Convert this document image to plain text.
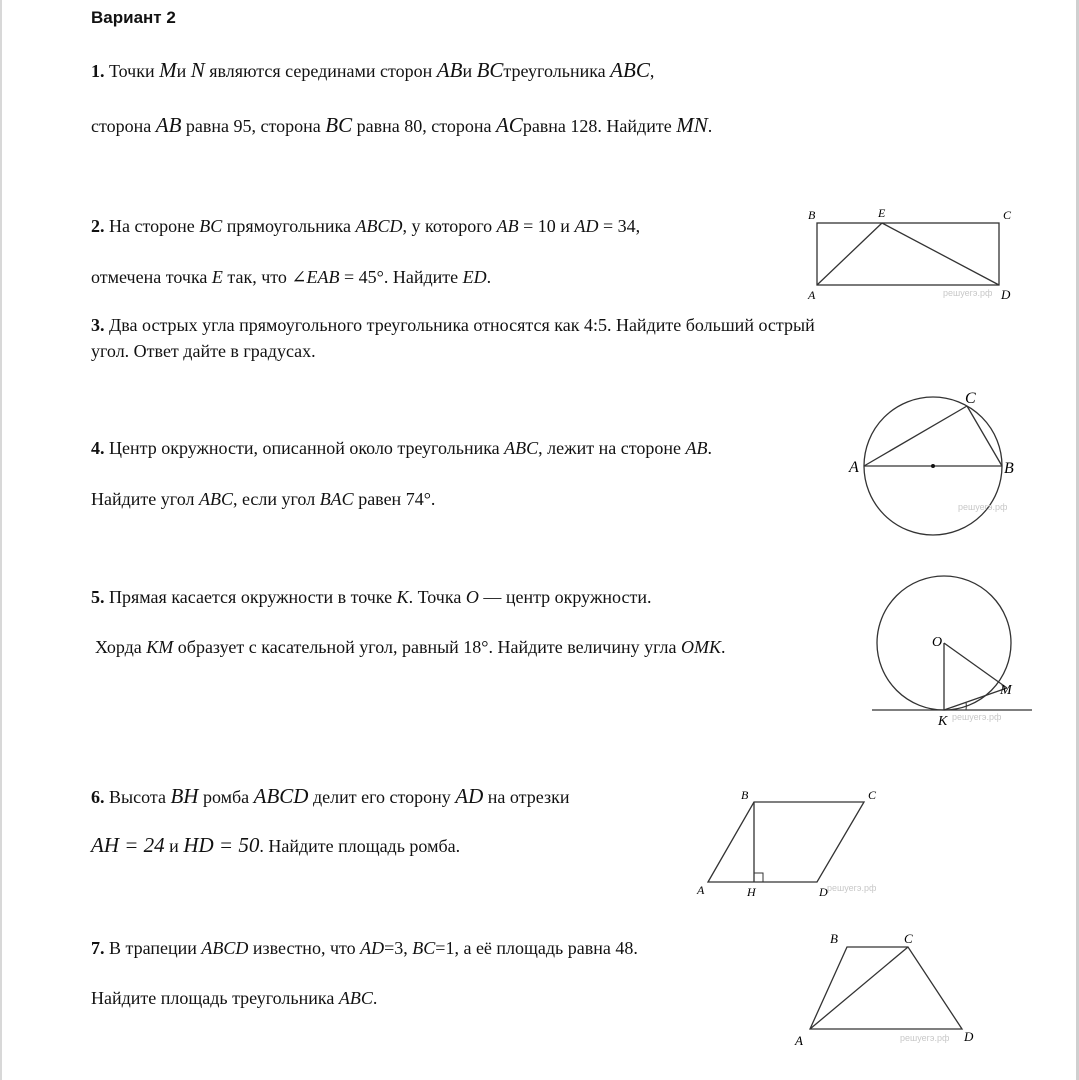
Вариант 2
1. Точки Mи N являются серединами сторон ABи BCтреугольника ABC,
сторона AB равна 95, сторона BC равна 80, сторона ACравна 128. Найдите MN.
2. На стороне BC прямоугольника ABCD, у которого AB = 10 и AD = 34,
отмечена точка E так, что ∠EAB = 45°. Найдите ED.
B	E	C
A	D
решуегэ.рф
3. Два острых угла прямоугольного треугольника относятся как 4:5. Найдите больший острый
угол. Ответ дайте в градусах.
4. Центр окружности, описанной около треугольника ABC, лежит на стороне AB.
Найдите угол ABC, если угол BAC равен 74°.
C
A	B
решуегэ.рф
5. Прямая касается окружности в точке K. Точка O — центр окружности.
Хорда KM образует с касательной угол, равный 18°. Найдите величину угла OMK.	O
M
K решуегэ.рф
6. Высота BH ромба ABCD делит его сторону AD на отрезки
AH = 24 и HD = 50. Найдите площадь ромба.
B	C
A	H	D решуегэ.рф
7. В трапеции ABCD известно, что AD=3, BC=1, а её площадь равна 48.
Найдите площадь треугольника ABC.
B	C
A	D
решуегэ.рф
